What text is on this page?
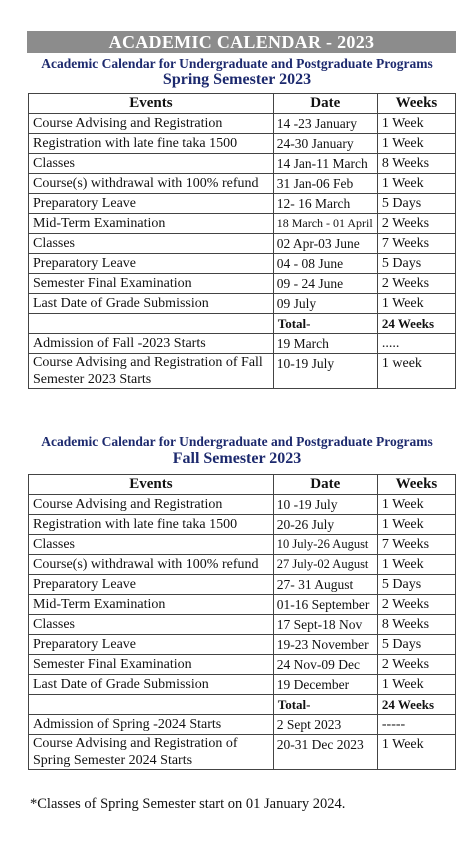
ACADEMIC CALENDAR - 2023
Academic Calendar for Undergraduate and Postgraduate Programs
Spring Semester 2023
Events	Date	Weeks
Course Advising and Registration	14 -23 January	1 Week
Registration with late fine taka 1500	24-30 January	1 Week
Classes	14 Jan-11 March	8 Weeks
Course(s) withdrawal with 100% refund	31 Jan-06 Feb	1 Week
Preparatory Leave	12- 16 March	5 Days
Mid-Term Examination	18 March - 01 April	2 Weeks
Classes	02 Apr-03 June	7 Weeks
Preparatory Leave	04 - 08 June	5 Days
Semester Final Examination	09 - 24 June	2 Weeks
Last Date of Grade Submission	09 July	1 Week
	Total-	24 Weeks
Admission of Fall -2023 Starts	19 March	.....
Course Advising and Registration of Fall Semester 2023 Starts	10-19 July	1 week
Academic Calendar for Undergraduate and Postgraduate Programs
Fall Semester 2023
Events	Date	Weeks
Course Advising and Registration	10 -19 July	1 Week
Registration with late fine taka 1500	20-26 July	1 Week
Classes	10 July-26 August	7 Weeks
Course(s) withdrawal with 100% refund	27 July-02 August	1 Week
Preparatory Leave	27- 31 August	5 Days
Mid-Term Examination	01-16 September	2 Weeks
Classes	17 Sept-18 Nov	8 Weeks
Preparatory Leave	19-23 November	5 Days
Semester Final Examination	24 Nov-09 Dec	2 Weeks
Last Date of Grade Submission	19 December	1 Week
	Total-	24 Weeks
Admission of Spring -2024 Starts	2 Sept 2023	-----
Course Advising and Registration of Spring Semester 2024 Starts	20-31 Dec 2023	1 Week
*Classes of Spring Semester start on 01 January 2024.
